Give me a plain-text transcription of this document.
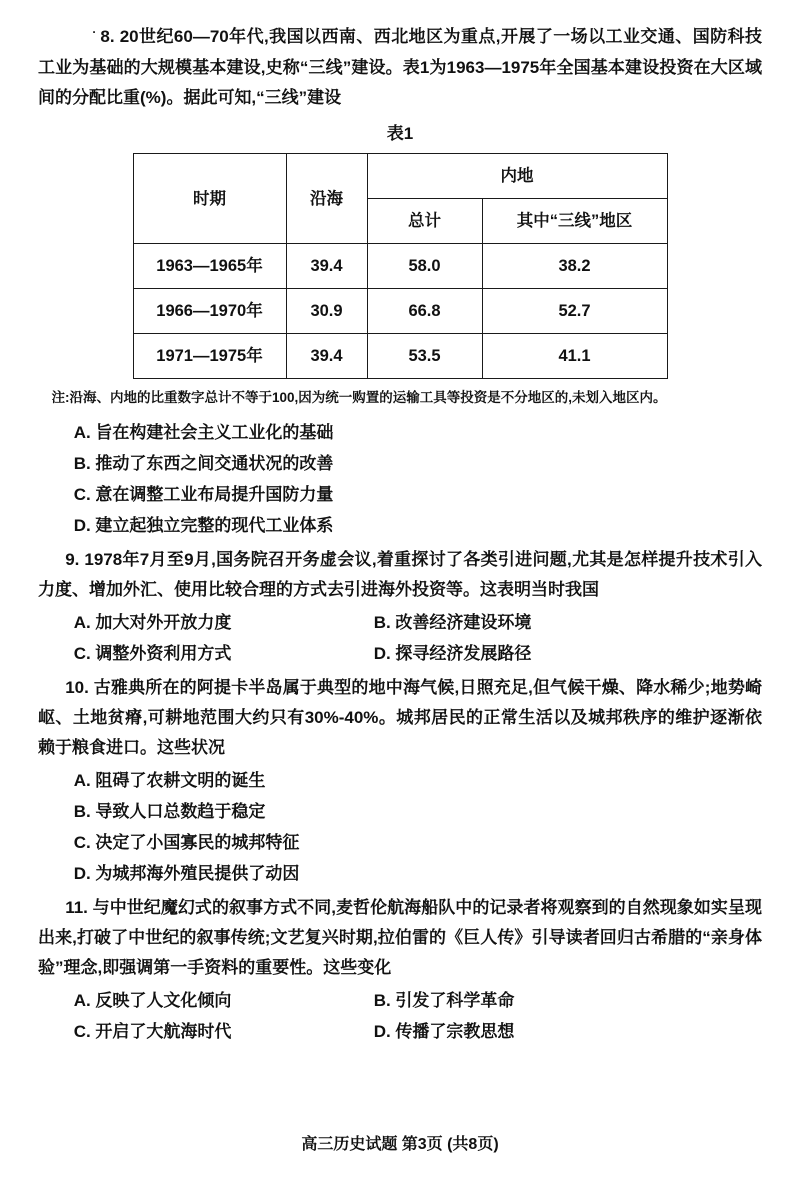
· 8. 20世纪60—70年代,我国以西南、西北地区为重点,开展了一场以工业交通、国防科技工业为基础的大规模基本建设,史称“三线”建设。表1为1963—1975年全国基本建设投资在大区域间的分配比重(%)。据此可知,“三线”建设

表1
时期	沿海	内地	
		总计	其中“三线”地区
1963—1965年	39.4	58.0	38.2
1966—1970年	30.9	66.8	52.7
1971—1975年	39.4	53.5	41.1

注:沿海、内地的比重数字总计不等于100,因为统一购置的运输工具等投资是不分地区的,未划入地区内。

A. 旨在构建社会主义工业化的基础
B. 推动了东西之间交通状况的改善
C. 意在调整工业布局提升国防力量
D. 建立起独立完整的现代工业体系

9. 1978年7月至9月,国务院召开务虚会议,着重探讨了各类引进问题,尤其是怎样提升技术引入力度、增加外汇、使用比较合理的方式去引进海外投资等。这表明当时我国

A. 加大对外开放力度	B. 改善经济建设环境
C. 调整外资利用方式	D. 探寻经济发展路径

10. 古雅典所在的阿提卡半岛属于典型的地中海气候,日照充足,但气候干燥、降水稀少;地势崎岖、土地贫瘠,可耕地范围大约只有30%-40%。城邦居民的正常生活以及城邦秩序的维护逐渐依赖于粮食进口。这些状况

A. 阻碍了农耕文明的诞生
B. 导致人口总数趋于稳定
C. 决定了小国寡民的城邦特征
D. 为城邦海外殖民提供了动因

11. 与中世纪魔幻式的叙事方式不同,麦哲伦航海船队中的记录者将观察到的自然现象如实呈现出来,打破了中世纪的叙事传统;文艺复兴时期,拉伯雷的《巨人传》引导读者回归古希腊的“亲身体验”理念,即强调第一手资料的重要性。这些变化

A. 反映了人文化倾向	B. 引发了科学革命
C. 开启了大航海时代	D. 传播了宗教思想
高三历史试题 第3页 (共8页)
